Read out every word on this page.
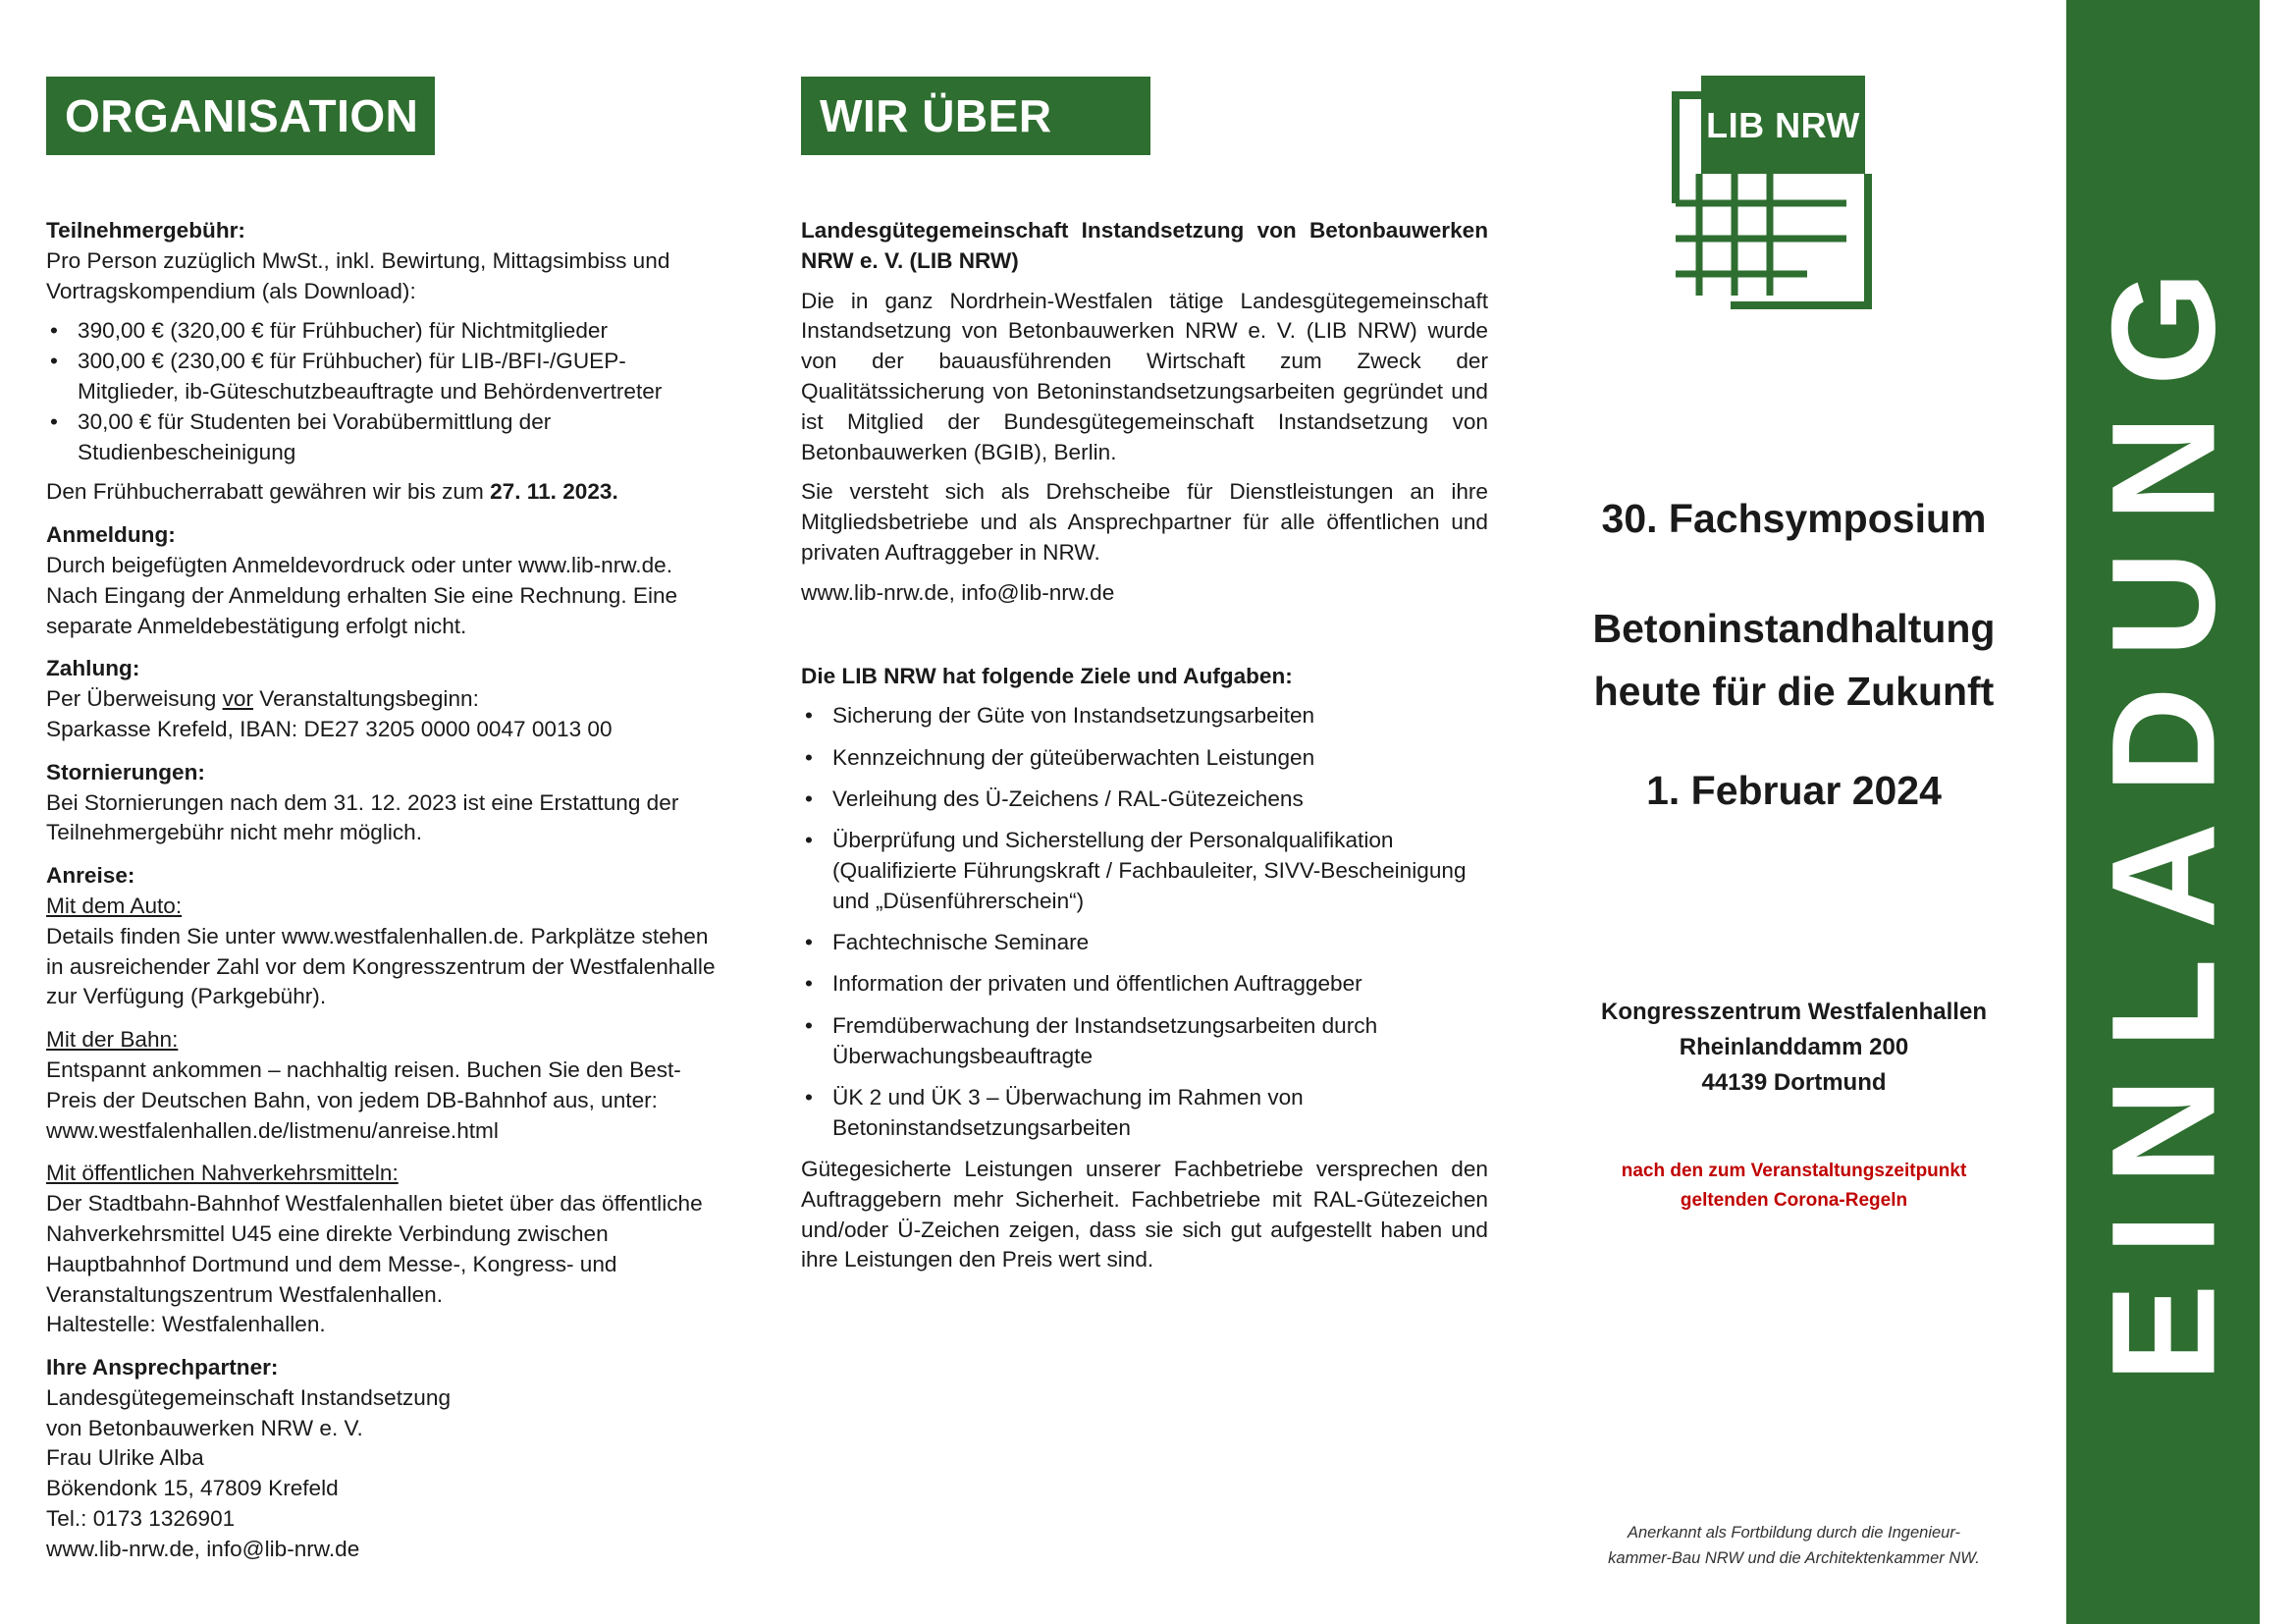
ORGANISATION

Teilnehmergebühr:

Pro Person zuzüglich MwSt., inkl. Bewirtung, Mittagsimbiss und Vortragskompendium (als Download):

• 390,00 € (320,00 € für Frühbucher) für Nichtmitglieder
• 300,00 € (230,00 € für Frühbucher) für LIB-/BFI-/GUEP-Mitglieder, ib-Güteschutzbeauftragte und Behördenvertreter
• 30,00 € für Studenten bei Vorabübermittlung der Studienbescheinigung

Den Frühbucherrabatt gewähren wir bis zum 27. 11. 2023.

Anmeldung:

Durch beigefügten Anmeldevordruck oder unter www.lib-nrw.de. Nach Eingang der Anmeldung erhalten Sie eine Rechnung. Eine separate Anmeldebestätigung erfolgt nicht.

Zahlung:

Per Überweisung vor Veranstaltungsbeginn:

Sparkasse Krefeld, IBAN: DE27 3205 0000 0047 0013 00

Stornierungen:

Bei Stornierungen nach dem 31. 12. 2023 ist eine Erstattung der Teilnehmergebühr nicht mehr möglich.

Anreise:

Mit dem Auto:

Details finden Sie unter www.westfalenhallen.de. Parkplätze stehen in ausreichender Zahl vor dem Kongresszentrum der Westfalenhalle zur Verfügung (Parkgebühr).

Mit der Bahn:

Entspannt ankommen – nachhaltig reisen. Buchen Sie den Best-Preis der Deutschen Bahn, von jedem DB-Bahnhof aus, unter: www.westfalenhallen.de/listmenu/anreise.html

Mit öffentlichen Nahverkehrsmitteln:

Der Stadtbahn-Bahnhof Westfalenhallen bietet über das öffentliche Nahverkehrsmittel U45 eine direkte Verbindung zwischen Hauptbahnhof Dortmund und dem Messe-, Kongress- und Veranstaltungszentrum Westfalenhallen.

Haltestelle: Westfalenhallen.

Ihre Ansprechpartner:

Landesgütegemeinschaft Instandsetzung

von Betonbauwerken NRW e. V.

Frau Ulrike Alba

Bökendonk 15, 47809 Krefeld

Tel.: 0173 1326901

www.lib-nrw.de, info@lib-nrw.de

WIR ÜBER UNS

Landesgütegemeinschaft Instandsetzung von Betonbauwerken NRW e. V. (LIB NRW)

Die in ganz Nordrhein-Westfalen tätige Landesgütegemeinschaft Instandsetzung von Betonbauwerken NRW e. V. (LIB NRW) wurde von der bauausführenden Wirtschaft zum Zweck der Qualitätssicherung von Betoninstandsetzungsarbeiten gegründet und ist Mitglied der Bundesgütegemeinschaft Instandsetzung von Betonbauwerken (BGIB), Berlin.

Sie versteht sich als Drehscheibe für Dienstleistungen an ihre Mitgliedsbetriebe und als Ansprechpartner für alle öffentlichen und privaten Auftraggeber in NRW.

www.lib-nrw.de, info@lib-nrw.de

Die LIB NRW hat folgende Ziele und Aufgaben:

• Sicherung der Güte von Instandsetzungsarbeiten
• Kennzeichnung der güteüberwachten Leistungen
• Verleihung des Ü-Zeichens / RAL-Gütezeichens
• Überprüfung und Sicherstellung der Personalqualifikation (Qualifizierte Führungskraft / Fachbauleiter, SIVV-Bescheinigung und „Düsenführerschein“)
• Fachtechnische Seminare
• Information der privaten und öffentlichen Auftraggeber
• Fremdüberwachung der Instandsetzungsarbeiten durch Überwachungsbeauftragte
• ÜK 2 und ÜK 3 – Überwachung im Rahmen von Betoninstandsetzungsarbeiten

Gütegesicherte Leistungen unserer Fachbetriebe versprechen den Auftraggebern mehr Sicherheit. Fachbetriebe mit RAL-Gütezeichen und/oder Ü-Zeichen zeigen, dass sie sich gut aufgestellt haben und ihre Leistungen den Preis wert sind.

LIB NRW
30. Fachsymposium
Betoninstandhaltung
heute für die Zukunft
1. Februar 2024
Kongresszentrum Westfalenhallen
Rheinlanddamm 200
44139 Dortmund
nach den zum Veranstaltungszeitpunkt
geltenden Corona-Regeln
Anerkannt als Fortbildung durch die Ingenieur-
kammer-Bau NRW und die Architektenkammer NW.
EINLADUNG
